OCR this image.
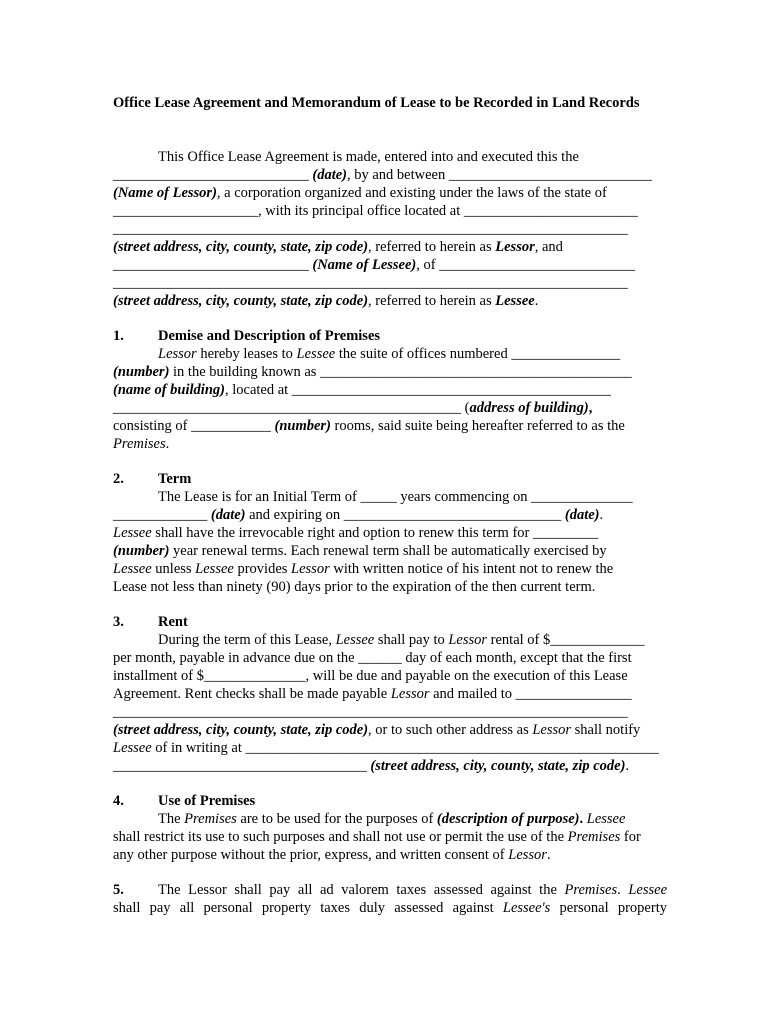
Office Lease Agreement and Memorandum of Lease to be Recorded in Land Records
This Office Lease Agreement is made, entered into and executed this the
___________________________ (date), by and between ____________________________
(Name of Lessor), a corporation organized and existing under the laws of the state of
____________________, with its principal office located at ________________________
_______________________________________________________________________
(street address, city, county, state, zip code), referred to herein as Lessor, and
___________________________ (Name of Lessee), of ___________________________
_______________________________________________________________________
(street address, city, county, state, zip code), referred to herein as Lessee.
1. Demise and Description of Premises
Lessor hereby leases to Lessee the suite of offices numbered _______________
(number) in the building known as ___________________________________________
(name of building), located at ____________________________________________
________________________________________________ (address of building),
consisting of ___________ (number) rooms, said suite being hereafter referred to as the
Premises.
2. Term
The Lease is for an Initial Term of _____ years commencing on ______________
_____________ (date) and expiring on ______________________________ (date).
Lessee shall have the irrevocable right and option to renew this term for _________
(number) year renewal terms. Each renewal term shall be automatically exercised by
Lessee unless Lessee provides Lessor with written notice of his intent not to renew the
Lease not less than ninety (90) days prior to the expiration of the then current term.
3. Rent
During the term of this Lease, Lessee shall pay to Lessor rental of $_____________
per month, payable in advance due on the ______ day of each month, except that the first
installment of $______________, will be due and payable on the execution of this Lease
Agreement. Rent checks shall be made payable Lessor and mailed to ________________
_______________________________________________________________________
(street address, city, county, state, zip code), or to such other address as Lessor shall notify
Lessee of in writing at _________________________________________________________
___________________________________ (street address, city, county, state, zip code).
4. Use of Premises
The Premises are to be used for the purposes of (description of purpose). Lessee
shall restrict its use to such purposes and shall not use or permit the use of the Premises for
any other purpose without the prior, express, and written consent of Lessor.
5. The Lessor shall pay all ad valorem taxes assessed against the Premises. Lessee
shall pay all personal property taxes duly assessed against Lessee's personal property
